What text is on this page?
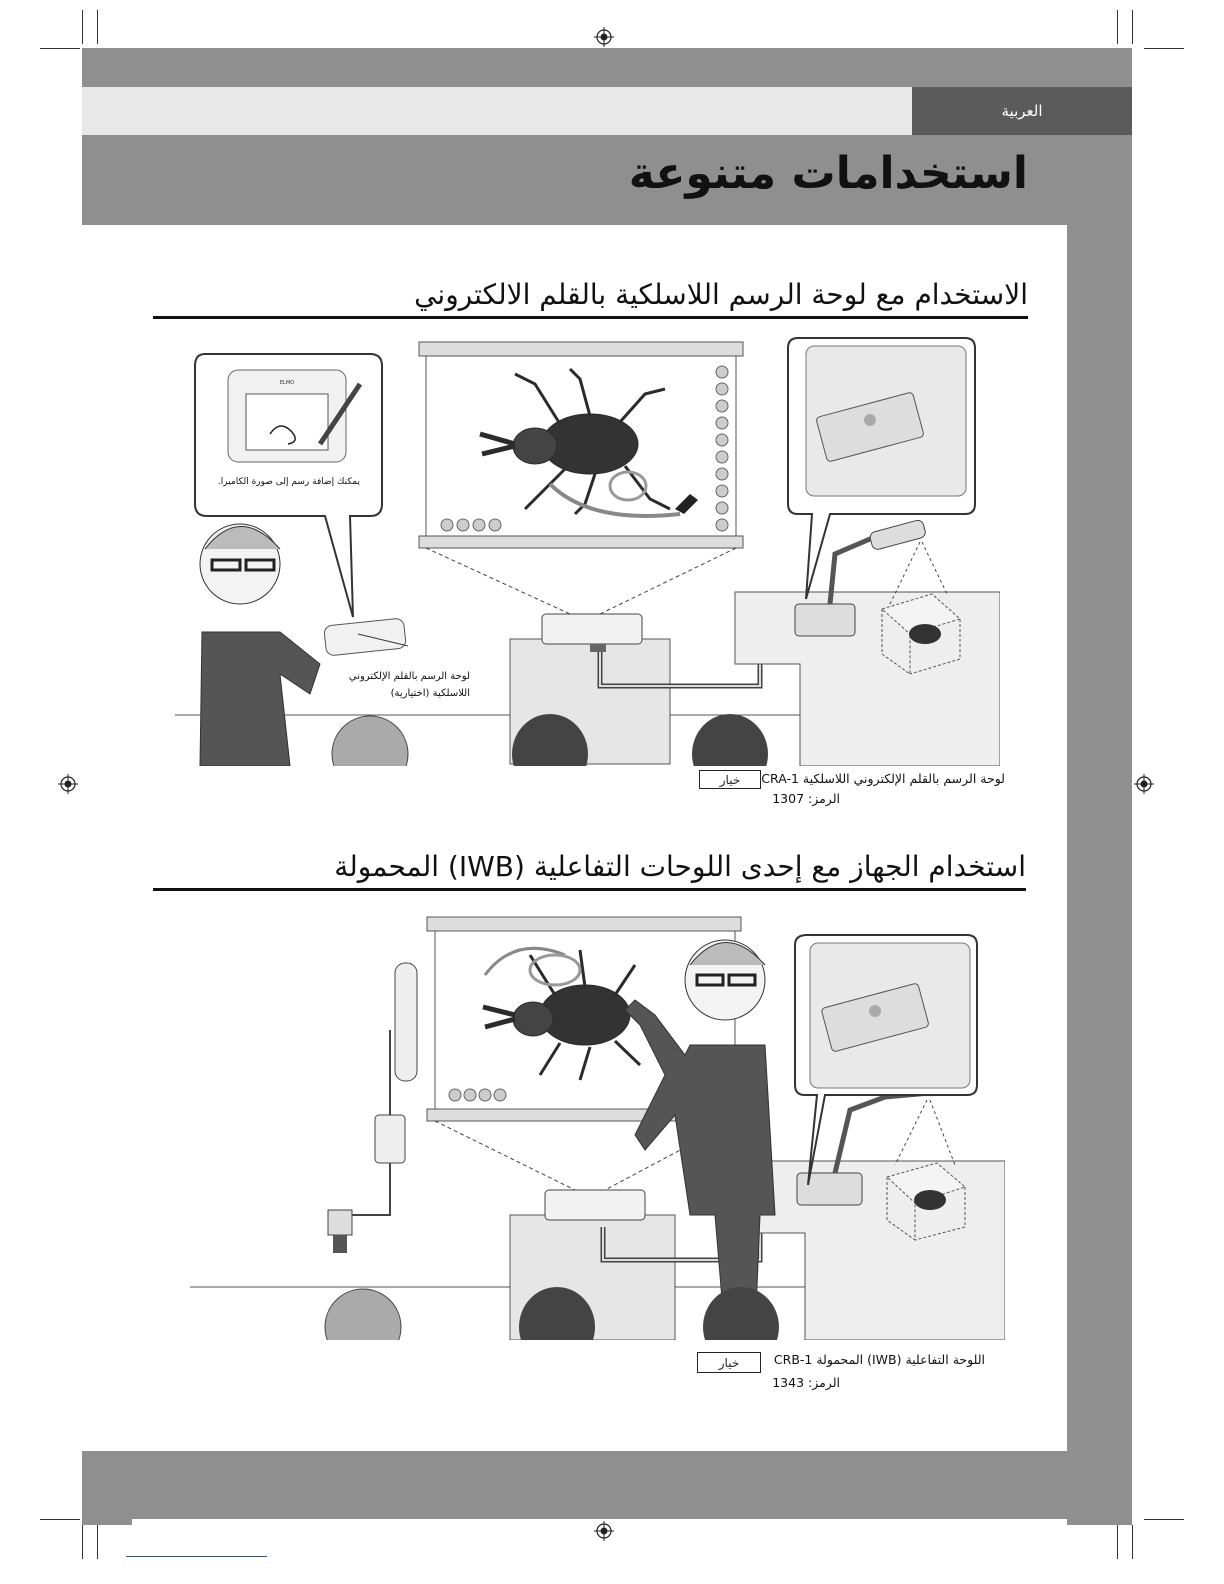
العربية
استخدامات متنوعة
الاستخدام مع لوحة الرسم اللاسلكية بالقلم الالكتروني
ELMO
يمكنك إضافة رسم إلى صورة الكاميرا.
لوحة الرسم بالقلم الإلكتروني
اللاسلكية (اختيارية)
خيار	لوحة الرسم بالقلم الإلكتروني اللاسلكية CRA-1
الرمز: 1307
استخدام الجهاز مع إحدى اللوحات التفاعلية (IWB) المحمولة
خيار	اللوحة التفاعلية (IWB) المحمولة CRB-1
الرمز: 1343
